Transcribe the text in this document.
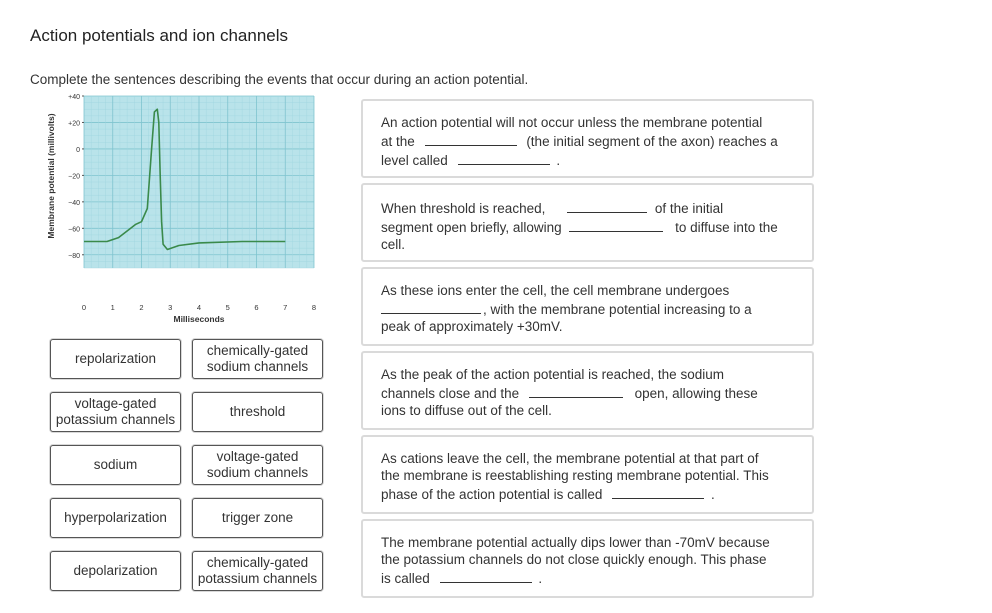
Action potentials and ion channels
Complete the sentences describing the events that occur during an action potential.
+40
+20
0
−20
−40
−60
−80
0	1	2	3	4	5	6	7	8
Membrane potential (millivolts)
Milliseconds
repolarization
chemically-gated sodium channels
voltage-gated potassium channels
threshold
sodium
voltage-gated sodium channels
hyperpolarization	trigger zone
depolarization
chemically-gated potassium channels
An action potential will not occur unless the membrane potential
at the	(the initial segment of the axon) reaches a
level called	.
When threshold is reached,	of the initial
segment open briefly, allowing	to diffuse into the
cell.
As these ions enter the cell, the cell membrane undergoes
, with the membrane potential increasing to a
peak of approximately +30mV.
As the peak of the action potential is reached, the sodium
channels close and the	open, allowing these
ions to diffuse out of the cell.
As cations leave the cell, the membrane potential at that part of
the membrane is reestablishing resting membrane potential. This
phase of the action potential is called	.
The membrane potential actually dips lower than -70mV because
the potassium channels do not close quickly enough. This phase
is called	.
